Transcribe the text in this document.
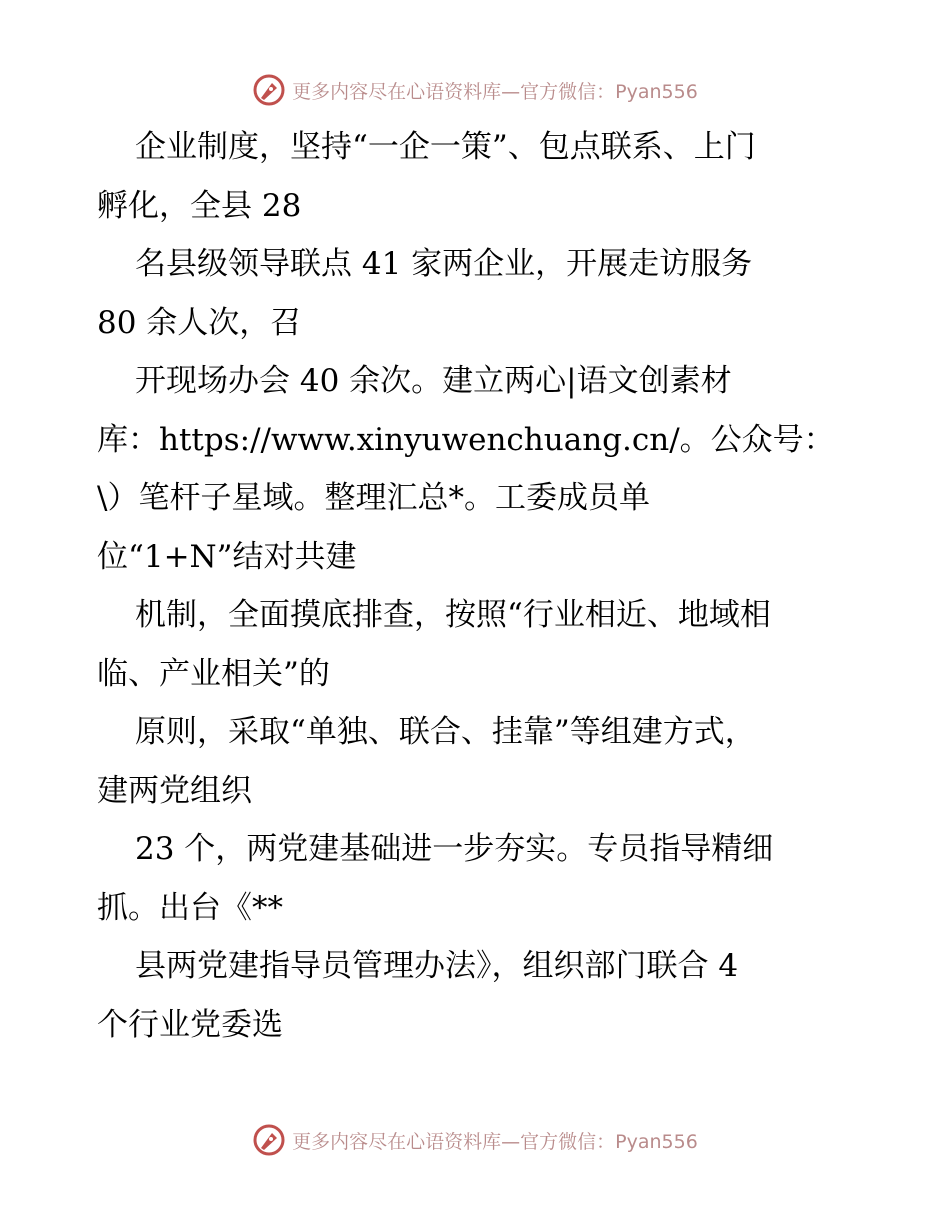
更多内容尽在心语资料库—官方微信：Pyan556
企业制度，坚持“一企一策”、包点联系、上门
孵化，全县 28
名县级领导联点 41 家两企业，开展走访服务
80 余人次，召
开现场办会 40 余次。建立两心|语文创素材
库：https://www.xinyuwenchuang.cn/。公众号：
\）笔杆子星域。整理汇总*。工委成员单
位“1+N”结对共建
机制，全面摸底排查，按照“行业相近、地域相
临、产业相关”的
原则，采取“单独、联合、挂靠”等组建方式，
建两党组织
23 个，两党建基础进一步夯实。专员指导精细
抓。出台《**
县两党建指导员管理办法》，组织部门联合 4
个行业党委选
更多内容尽在心语资料库—官方微信：Pyan556
